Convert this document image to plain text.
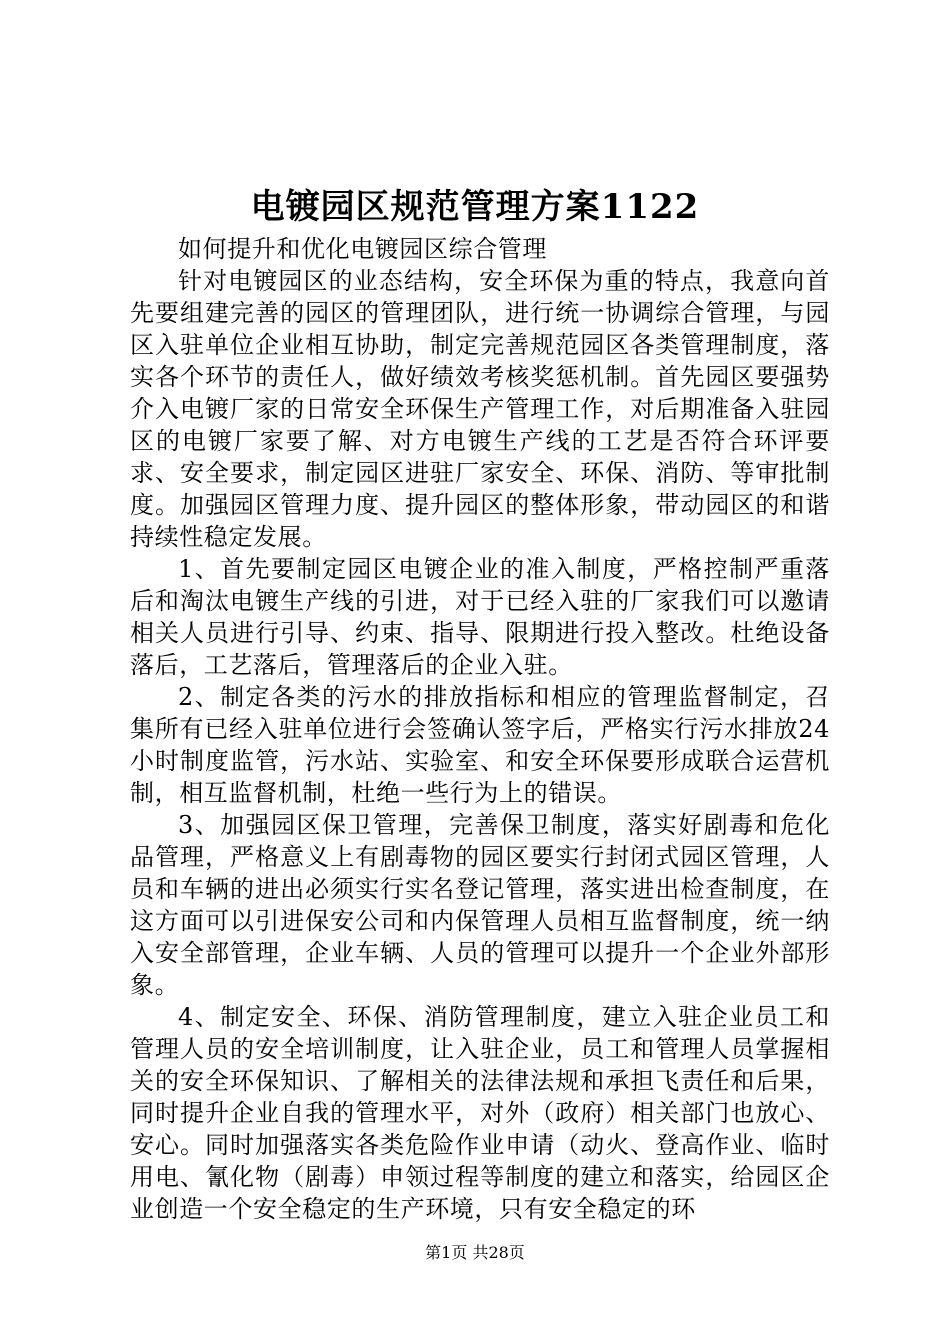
电镀园区规范管理方案1122

如何提升和优化电镀园区综合管理

针对电镀园区的业态结构，安全环保为重的特点，我意向首先要组建完善的园区的管理团队，进行统一协调综合管理，与园区入驻单位企业相互协助，制定完善规范园区各类管理制度，落实各个环节的责任人，做好绩效考核奖惩机制。首先园区要强势介入电镀厂家的日常安全环保生产管理工作，对后期准备入驻园区的电镀厂家要了解、对方电镀生产线的工艺是否符合环评要求、安全要求，制定园区进驻厂家安全、环保、消防、等审批制度。加强园区管理力度、提升园区的整体形象，带动园区的和谐持续性稳定发展。

1、首先要制定园区电镀企业的准入制度，严格控制严重落后和淘汰电镀生产线的引进，对于已经入驻的厂家我们可以邀请相关人员进行引导、约束、指导、限期进行投入整改。杜绝设备落后，工艺落后，管理落后的企业入驻。

2、制定各类的污水的排放指标和相应的管理监督制定，召集所有已经入驻单位进行会签确认签字后，严格实行污水排放24小时制度监管，污水站、实验室、和安全环保要形成联合运营机制，相互监督机制，杜绝一些行为上的错误。

3、加强园区保卫管理，完善保卫制度，落实好剧毒和危化品管理，严格意义上有剧毒物的园区要实行封闭式园区管理，人员和车辆的进出必须实行实名登记管理，落实进出检查制度，在这方面可以引进保安公司和内保管理人员相互监督制度，统一纳入安全部管理，企业车辆、人员的管理可以提升一个企业外部形象。

4、制定安全、环保、消防管理制度，建立入驻企业员工和管理人员的安全培训制度，让入驻企业，员工和管理人员掌握相关的安全环保知识、了解相关的法律法规和承担飞责任和后果，同时提升企业自我的管理水平，对外（政府）相关部门也放心、安心。同时加强落实各类危险作业申请（动火、登高作业、临时用电、氰化物（剧毒）申领过程等制度的建立和落实，给园区企业创造一个安全稳定的生产环境，只有安全稳定的环

第1页 共28页
